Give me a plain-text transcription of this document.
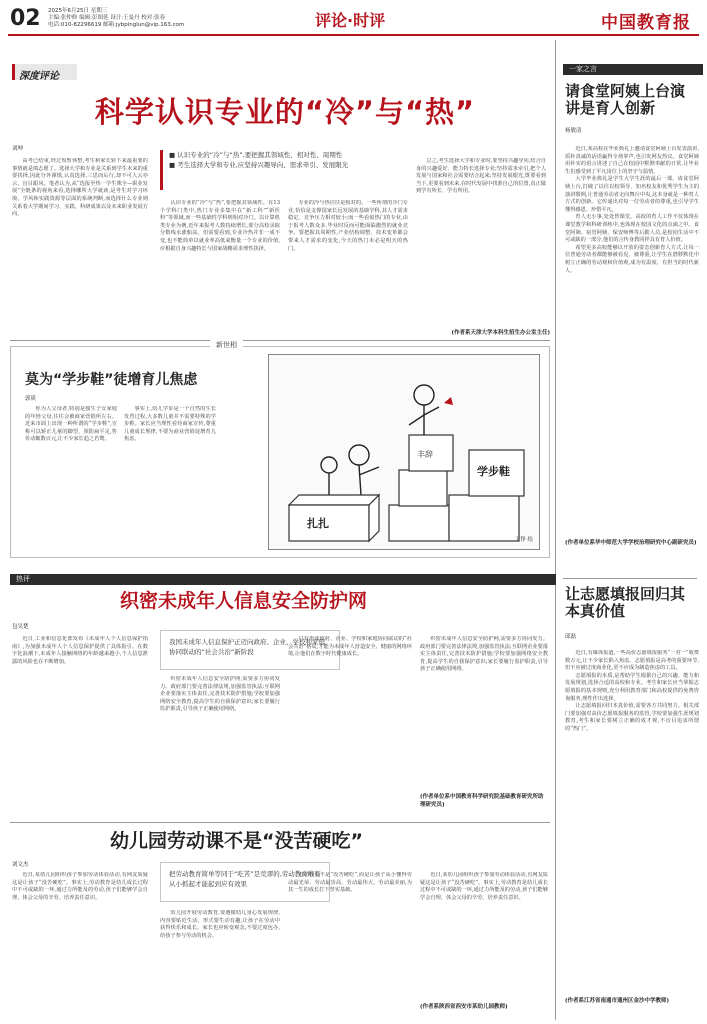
02 2025年6月25日 星期三
主编:张仲修 编辑:彭图延 设计:王曼丹 校对:张春
电话:010-82296619 邮箱:jybpinglun@vip.163.com	评论·时评	中国教育报
深度评论
科学认识专业的“冷”与“热”
刘坤
■ 认识专业的“冷”与“热”,要把握其领域性、相对性、周期性
■ 考生选择大学和专业,应坚持兴趣导向、需求牵引、发展眼光

高考已结束,经过短暂休整,考生和家长转下来最重要的事情就是填志愿了。选择大学和专业是关系到学生未来的重要抉择,因此分外谨慎,认真选择,三思而后行,却不可人云亦云、盲目跟风。笔者认为,从“选报至热一学生殊全—职业发展”全链条的视角来看,选择哪所大学就读,是考生对学习环境、学风和实践资源等层面的系统判断,而选择什么专业则关系着大学期间学习、实践、科研成果以及未来职业发展方向。

认识专业的“冷”与“热”,要把握其领域性。在13个学科门类中,热门专业多集中在“新工科”“新医科”等领域,而一些基础性学科则相对冷门。以计算机类专业为例,近年来报考人数持续增长,部分高校录取分数线水涨船高。但需要看到,专业冷热并非一成不变,也不能简单以就业率高低来衡量一个专业的价值,应根据自身兴趣特长与国家战略需求理性抉择。

专业的冷与热往往是相对的。一些所谓的冷门专业,恰恰是支撑国家长远发展的基础学科,其人才需求稳定、竞争压力相对较小;而一些看似热门的专业,由于报考人数众多,毕业时反而可能面临激烈的就业竞争。要把握其周期性,产业结构调整、技术变革都会带来人才需求的变化,今天的热门未必是明天的热门。

总之,考生选择大学和专业时,要坚持兴趣导向,结合自身的兴趣爱好、能力特长选择专业;坚持需求牵引,把个人发展与国家和社会需要结合起来;坚持发展眼光,既要看到当下,更要看到未来,在时代发展中找准自己的位置,真正做到学有所长、学有所用。

(作者系天津大学本科生招生办公室主任)
一家之言
请食堂阿姨上台演讲是育人创新
杨敏清

近日,某高校在毕业典礼上邀请食堂阿姨上台发表演讲,质朴真诚的话语赢得全场掌声,也引发网友热议。食堂阿姨用朴实的语言讲述了自己在校园中默默奉献的日常,让毕业生们感受到了平凡岗位上的坚守与温情。

大学毕业典礼是学生大学生涯的最后一课。请食堂阿姨上台,打破了以往以校领导、知名校友和优秀学生为主的演讲惯例,让普通劳动者走向舞台中央,这本身就是一种育人方式的创新。它传递出对每一位劳动者的尊重,也引导学生懂得感恩、珍惜平凡。

育人无小事,处处皆课堂。高校的育人工作不仅体现在课堂教学和科研训练中,也体现在校园文化的点滴之中。食堂阿姨、宿管阿姨、保安师傅等后勤人员,是校园生活中不可或缺的一部分,他们的言传身教同样具有育人价值。

希望更多高校能够以开放的姿态创新育人方式,让每一位普通劳动者都能够被看见、被尊重,让学生在潜移默化中树立正确的劳动观和价值观,成为有温度、有担当的时代新人。

(作者单位系华中师范大学学校治理研究中心副研究员)
新世相
莫为“学步鞋”徒增育儿焦虑
郭质

你为人父母者,特别是独生子女家庭的年轻父母,往往会被商家营销所左右。近来市面上出现一种所谓的“学步鞋”,宣称可以矫正儿童的脚型、预防扁平足,售价动辄数百元,让不少家长趋之若鹜。

事实上,幼儿学步是一个自然的生长发育过程,大多数儿童并不需要特殊的学步鞋。家长应当理性看待商家宣传,尊重儿童成长规律,不要为商业营销徒增育儿焦虑。

学步鞋
扎扎
丰辞
王铮 绘
热评
织密未成年人信息安全防护网
包吴楚
我国未成年人信息保护正迈向政府、企业、学校和家庭协同联动的“社会共治”新阶段

近日,工业和信息化部发布《未成年人个人信息保护指南》,为加强未成年人个人信息保护提供了具体指引。在数字化浪潮下,未成年人接触网络的年龄越来越小,个人信息泄露的风险也在不断增加。

织密未成年人信息安全防护网,需要多方协同发力。政府部门要完善法律法规,加强监管执法;互联网企业要落实主体责任,完善技术防护措施;学校要加强网络安全教育,提高学生的自我保护意识;家长要履行监护职责,引导孩子正确使用网络。

只有形成政府、企业、学校和家庭协同联动的“社会共治”格局,才能为未成年人营造安全、健康的网络环境,让他们在数字时代健康成长。

织密未成年人信息安全防护网,需要多方协同发力。政府部门要完善法律法规,加强监管执法;互联网企业要落实主体责任,完善技术防护措施;学校要加强网络安全教育,提高学生的自我保护意识;家长要履行监护职责,引导孩子正确使用网络。

(作者单位系中国教育科学研究院基础教育研究所助理研究员)
让志愿填报回归其本真价值
邱磊

近日,有媒体报道,一些高价志愿填报服务“一对一”收费数万元,让不少家长陷入焦虑。志愿填报是高考的重要环节,但不应被过度商业化,更不应成为制造焦虑的工具。

志愿填报的本质,是帮助学生根据自己的兴趣、能力和发展规划,选择合适的高校和专业。考生和家长应当掌握志愿填报的基本规则,充分利用教育部门和高校提供的免费咨询服务,理性作出选择。

让志愿填报回归本真价值,需要各方共同努力。相关部门要加强对高价志愿填报服务的监管,学校要加强生涯规划教育,考生和家长要树立正确的成才观,不盲目追求所谓的“热门”。

(作者系江苏省南通市通州区金沙中学教师)
幼儿园劳动课不是“没苦硬吃”
刘文杰
把劳动教育简单等同于“吃苦”是荒谬的,劳动教育唯有从小抓起才能起到应有效果

近日,某幼儿园组织孩子参加劳动体验活动,有网友质疑这是让孩子“没苦硬吃”。事实上,劳动教育是幼儿成长过程中不可或缺的一环,通过力所能及的劳动,孩子们能够学会自理、体会父母的辛劳、培养责任意识。

幼儿园开展劳动教育,要遵循幼儿身心发展规律,内容要贴近生活、形式要生动有趣,让孩子在劳动中获得快乐和成长。家长也应转变观念,不要过度包办,给孩子参与劳动的机会。

劳动教育不是“没苦硬吃”,而是让孩子从小懂得劳动最光荣、劳动最崇高、劳动最伟大、劳动最美丽,为其一生的成长打下坚实基础。

近日,某幼儿园组织孩子参加劳动体验活动,有网友质疑这是让孩子“没苦硬吃”。事实上,劳动教育是幼儿成长过程中不可或缺的一环,通过力所能及的劳动,孩子们能够学会自理、体会父母的辛劳、培养责任意识。

(作者系陕西省西安市某幼儿园教师)
